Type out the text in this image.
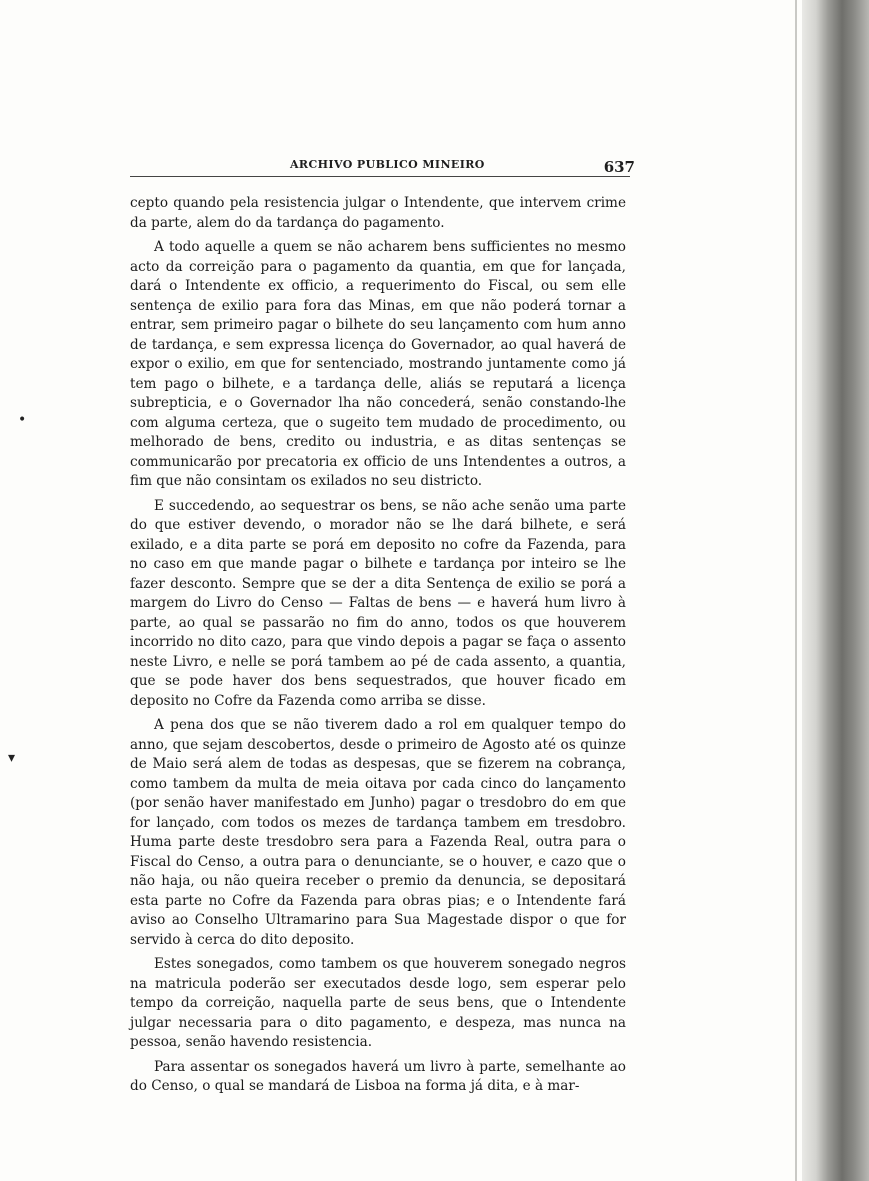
ARCHIVO PUBLICO MINEIRO	637
•
▾

cepto quando pela resistencia julgar o Intendente, que intervem crime da parte, alem do da tardança do pagamento.

A todo aquelle a quem se não acharem bens sufficientes no mesmo acto da correição para o pagamento da quantia, em que for lançada, dará o Intendente ex officio, a requerimento do Fiscal, ou sem elle sentença de exilio para fora das Minas, em que não poderá tornar a entrar, sem primeiro pagar o bilhete do seu lançamento com hum anno de tardança, e sem expressa licença do Governador, ao qual haverá de expor o exilio, em que for sentenciado, mostrando juntamente como já tem pago o bilhete, e a tardança delle, aliás se reputará a licença subrepticia, e o Governador lha não concederá, senão constando-lhe com alguma certeza, que o sugeito tem mudado de procedimento, ou melhorado de bens, credito ou industria, e as ditas sentenças se communicarão por precatoria ex officio de uns Intendentes a outros, a fim que não consintam os exilados no seu districto.

E succedendo, ao sequestrar os bens, se não ache senão uma parte do que estiver devendo, o morador não se lhe dará bilhete, e será exilado, e a dita parte se porá em deposito no cofre da Fazenda, para no caso em que mande pagar o bilhete e tardança por inteiro se lhe fazer desconto. Sempre que se der a dita Sentença de exilio se porá a margem do Livro do Censo — Faltas de bens — e haverá hum livro à parte, ao qual se passarão no fim do anno, todos os que houverem incorrido no dito cazo, para que vindo depois a pagar se faça o assento neste Livro, e nelle se porá tambem ao pé de cada assento, a quantia, que se pode haver dos bens sequestrados, que houver ficado em deposito no Cofre da Fazenda como arriba se disse.

A pena dos que se não tiverem dado a rol em qualquer tempo do anno, que sejam descobertos, desde o primeiro de Agosto até os quinze de Maio será alem de todas as despesas, que se fizerem na cobrança, como tambem da multa de meia oitava por cada cinco do lançamento (por senão haver manifestado em Junho) pagar o tresdobro do em que for lançado, com todos os mezes de tardança tambem em tresdobro. Huma parte deste tresdobro sera para a Fazenda Real, outra para o Fiscal do Censo, a outra para o denunciante, se o houver, e cazo que o não haja, ou não queira receber o premio da denuncia, se depositará esta parte no Cofre da Fazenda para obras pias; e o Intendente fará aviso ao Conselho Ultramarino para Sua Magestade dispor o que for servido à cerca do dito deposito.

Estes sonegados, como tambem os que houverem sonegado negros na matricula poderão ser executados desde logo, sem esperar pelo tempo da correição, naquella parte de seus bens, que o Intendente julgar necessaria para o dito pagamento, e despeza, mas nunca na pessoa, senão havendo resistencia.

Para assentar os sonegados haverá um livro à parte, semelhante ao do Censo, o qual se mandará de Lisboa na forma já dita, e à mar-
